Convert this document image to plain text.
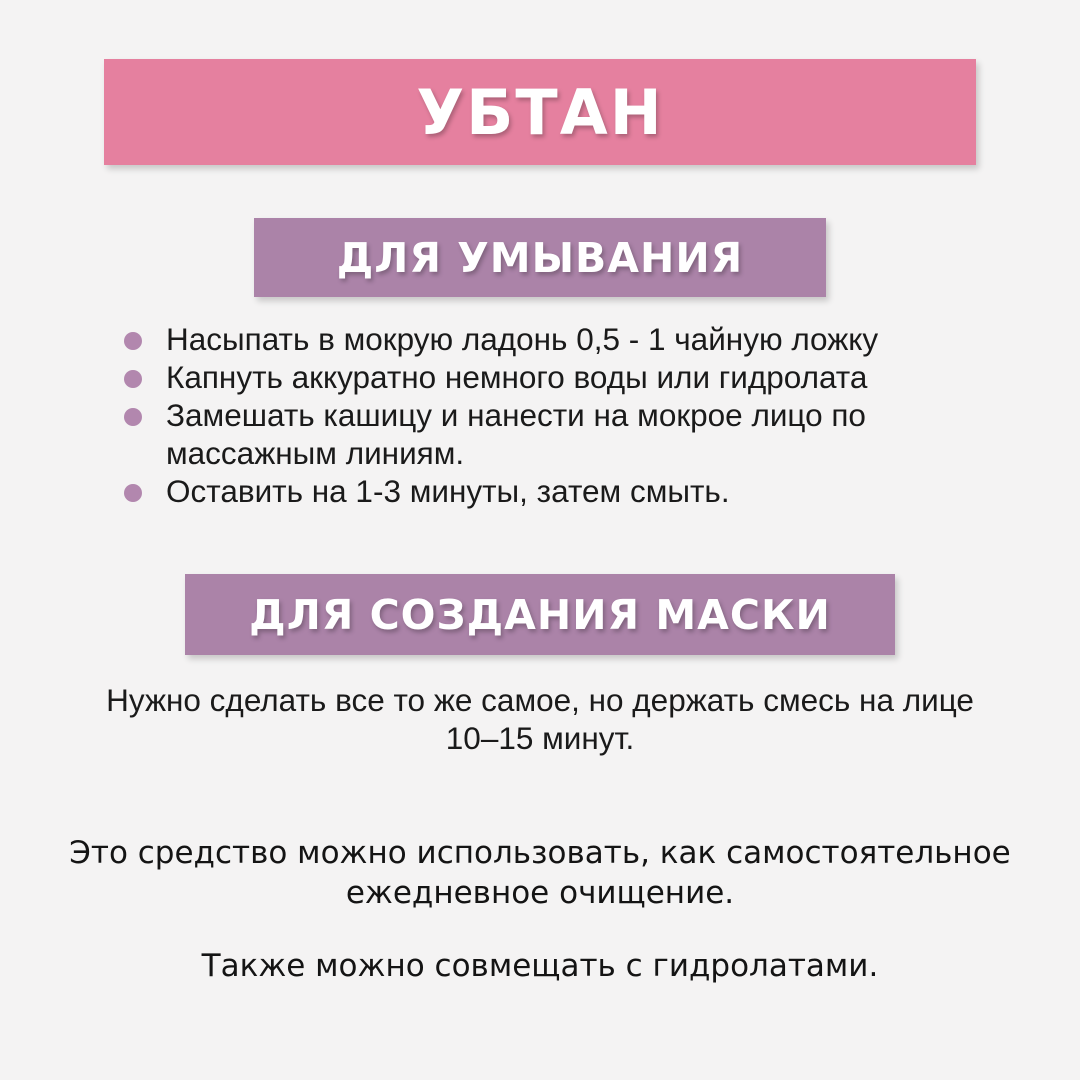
УБТАН
ДЛЯ УМЫВАНИЯ
Насыпать в мокрую ладонь 0,5 - 1 чайную ложку
Капнуть аккуратно немного воды или гидролата
Замешать кашицу и нанести на мокрое лицо по массажным линиям.
Оставить на 1-3 минуты, затем смыть.
ДЛЯ СОЗДАНИЯ МАСКИ
Нужно сделать все то же самое, но держать смесь на лице 10–15 минут.
Это средство можно использовать, как самостоятельное ежедневное очищение.
Также можно совмещать с гидролатами.
